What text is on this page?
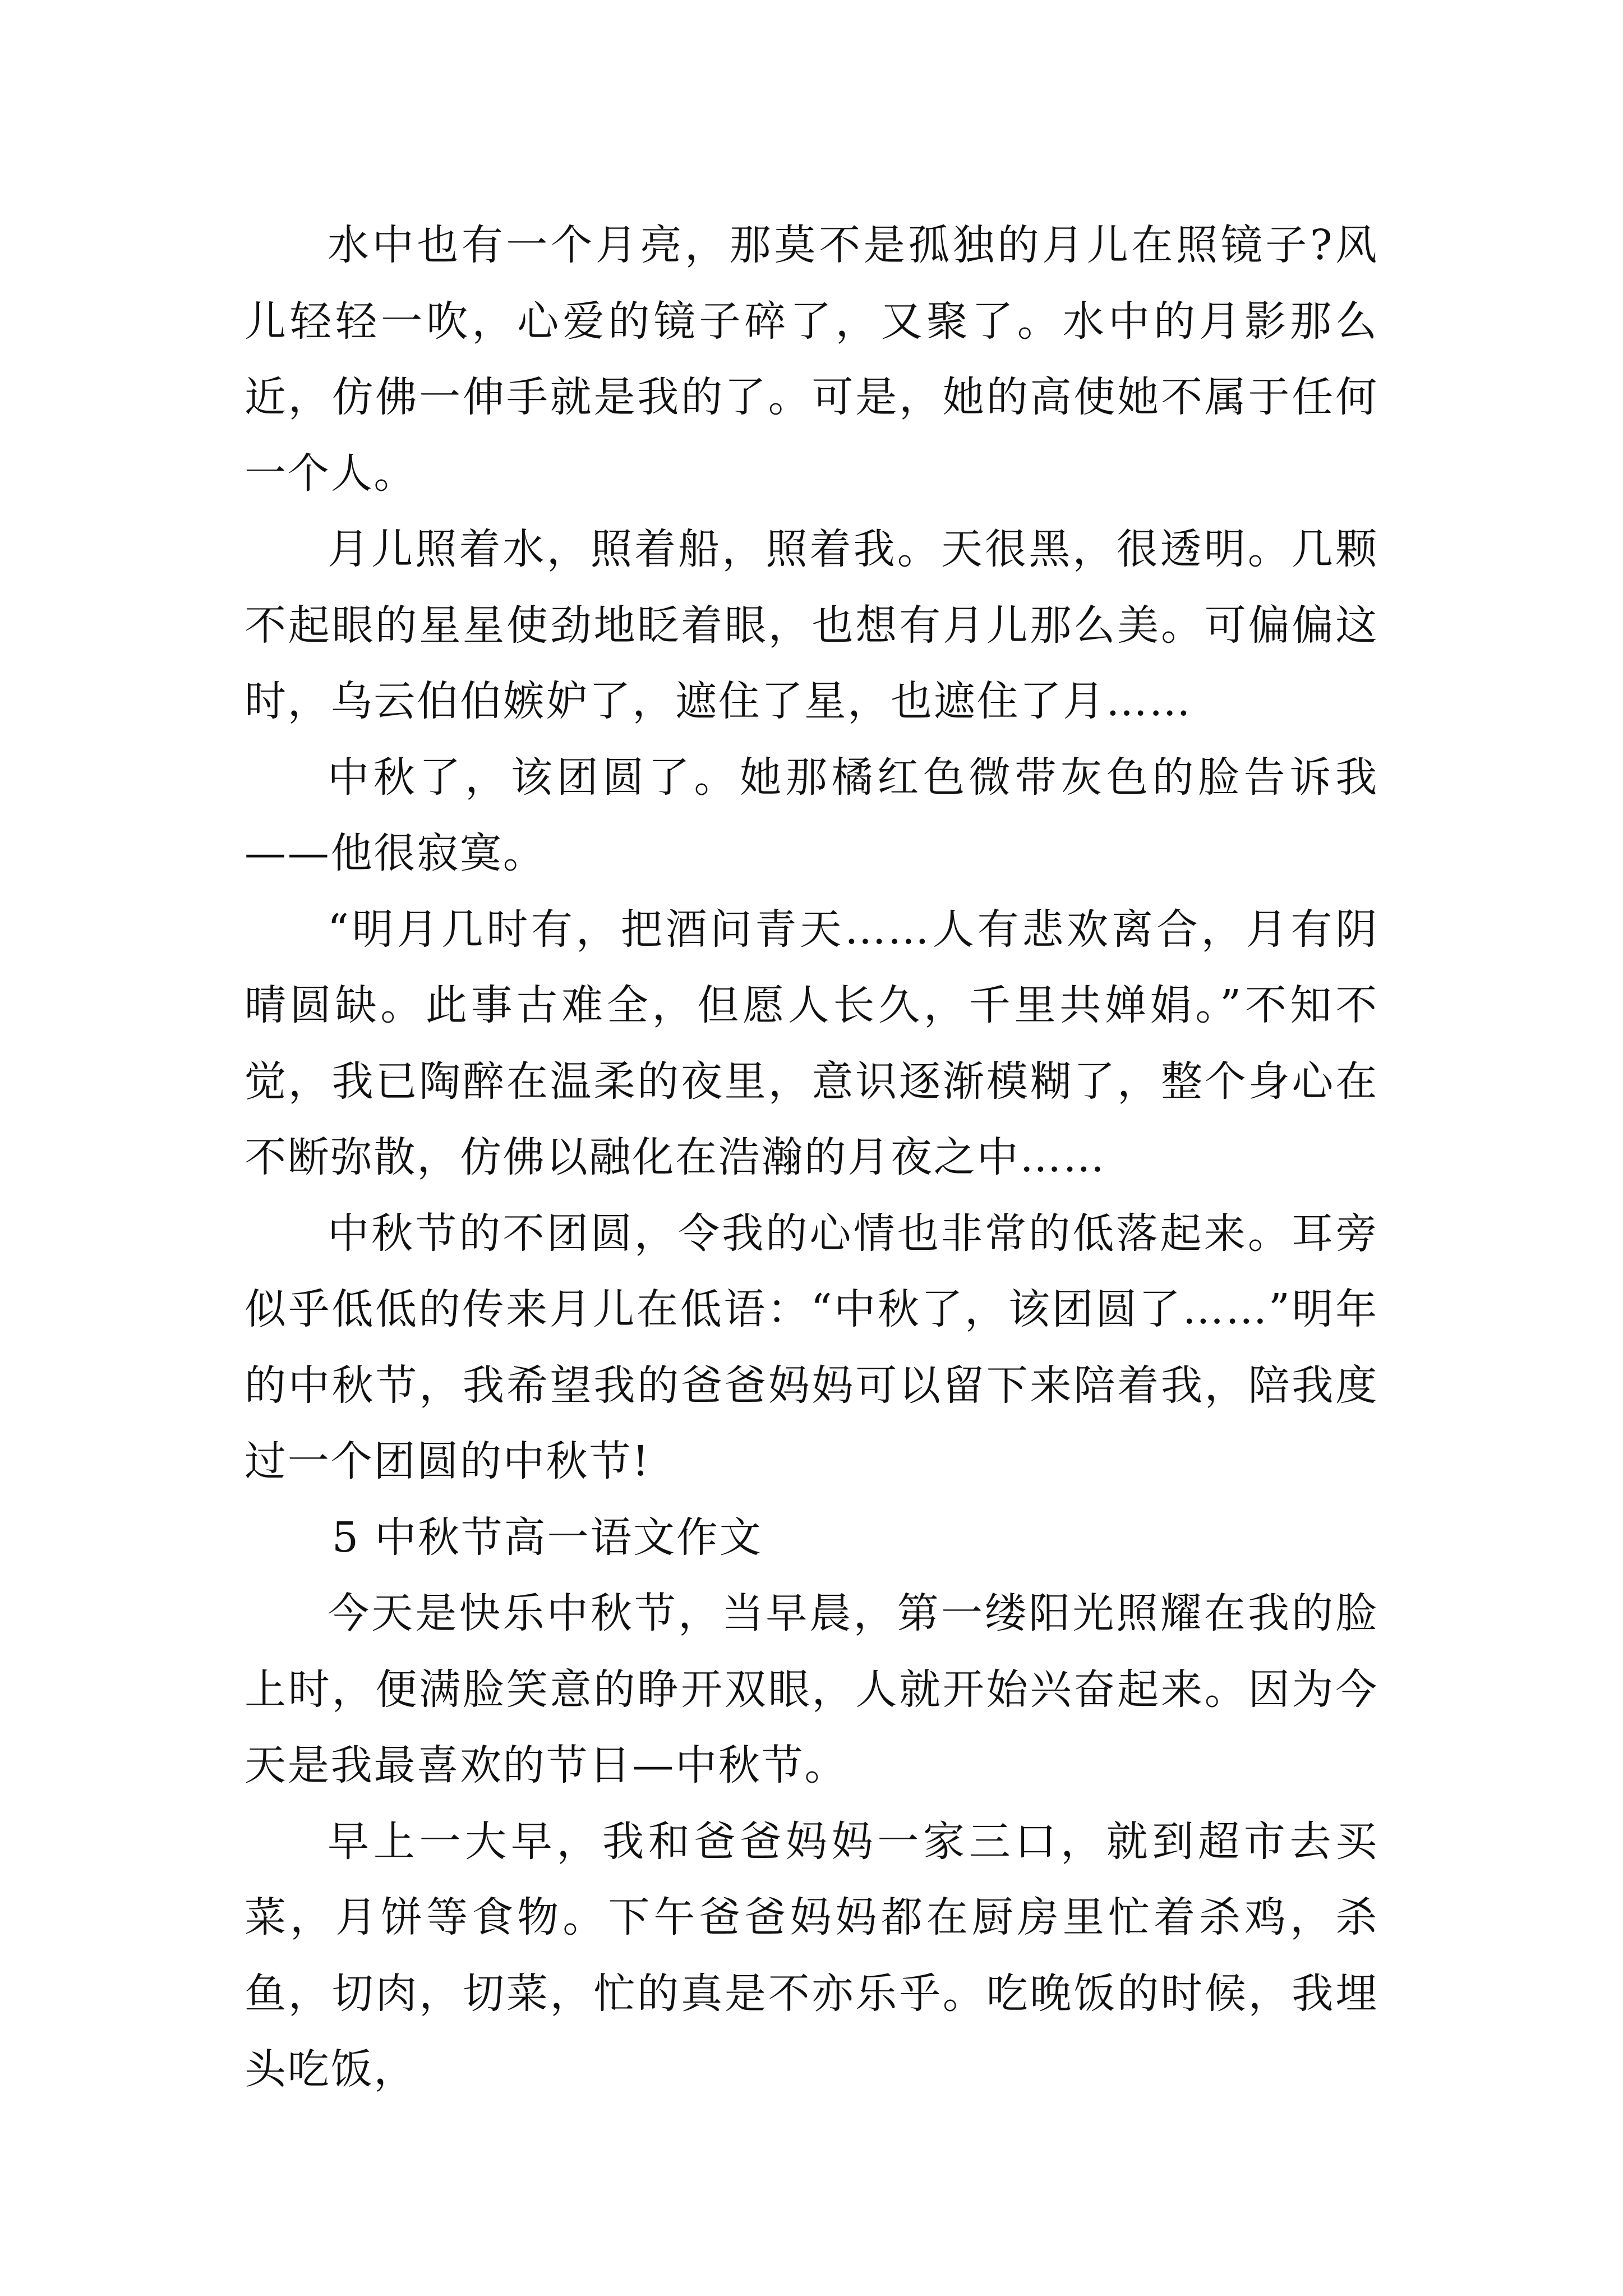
水中也有一个月亮，那莫不是孤独的月儿在照镜子?风儿轻轻一吹，心爱的镜子碎了，又聚了。水中的月影那么近，仿佛一伸手就是我的了。可是，她的高使她不属于任何一个人。

月儿照着水，照着船，照着我。天很黑，很透明。几颗不起眼的星星使劲地眨着眼，也想有月儿那么美。可偏偏这时，乌云伯伯嫉妒了，遮住了星，也遮住了月……

中秋了，该团圆了。她那橘红色微带灰色的脸告诉我——他很寂寞。

“明月几时有，把酒问青天……人有悲欢离合，月有阴晴圆缺。此事古难全，但愿人长久，千里共婵娟。”不知不觉，我已陶醉在温柔的夜里，意识逐渐模糊了，整个身心在不断弥散，仿佛以融化在浩瀚的月夜之中……

中秋节的不团圆，令我的心情也非常的低落起来。耳旁似乎低低的传来月儿在低语：“中秋了，该团圆了……”明年的中秋节，我希望我的爸爸妈妈可以留下来陪着我，陪我度过一个团圆的中秋节!

5 中秋节高一语文作文

今天是快乐中秋节，当早晨，第一缕阳光照耀在我的脸上时，便满脸笑意的睁开双眼，人就开始兴奋起来。因为今天是我最喜欢的节日—中秋节。

早上一大早，我和爸爸妈妈一家三口，就到超市去买菜，月饼等食物。下午爸爸妈妈都在厨房里忙着杀鸡，杀鱼，切肉，切菜，忙的真是不亦乐乎。吃晚饭的时候，我埋头吃饭，
